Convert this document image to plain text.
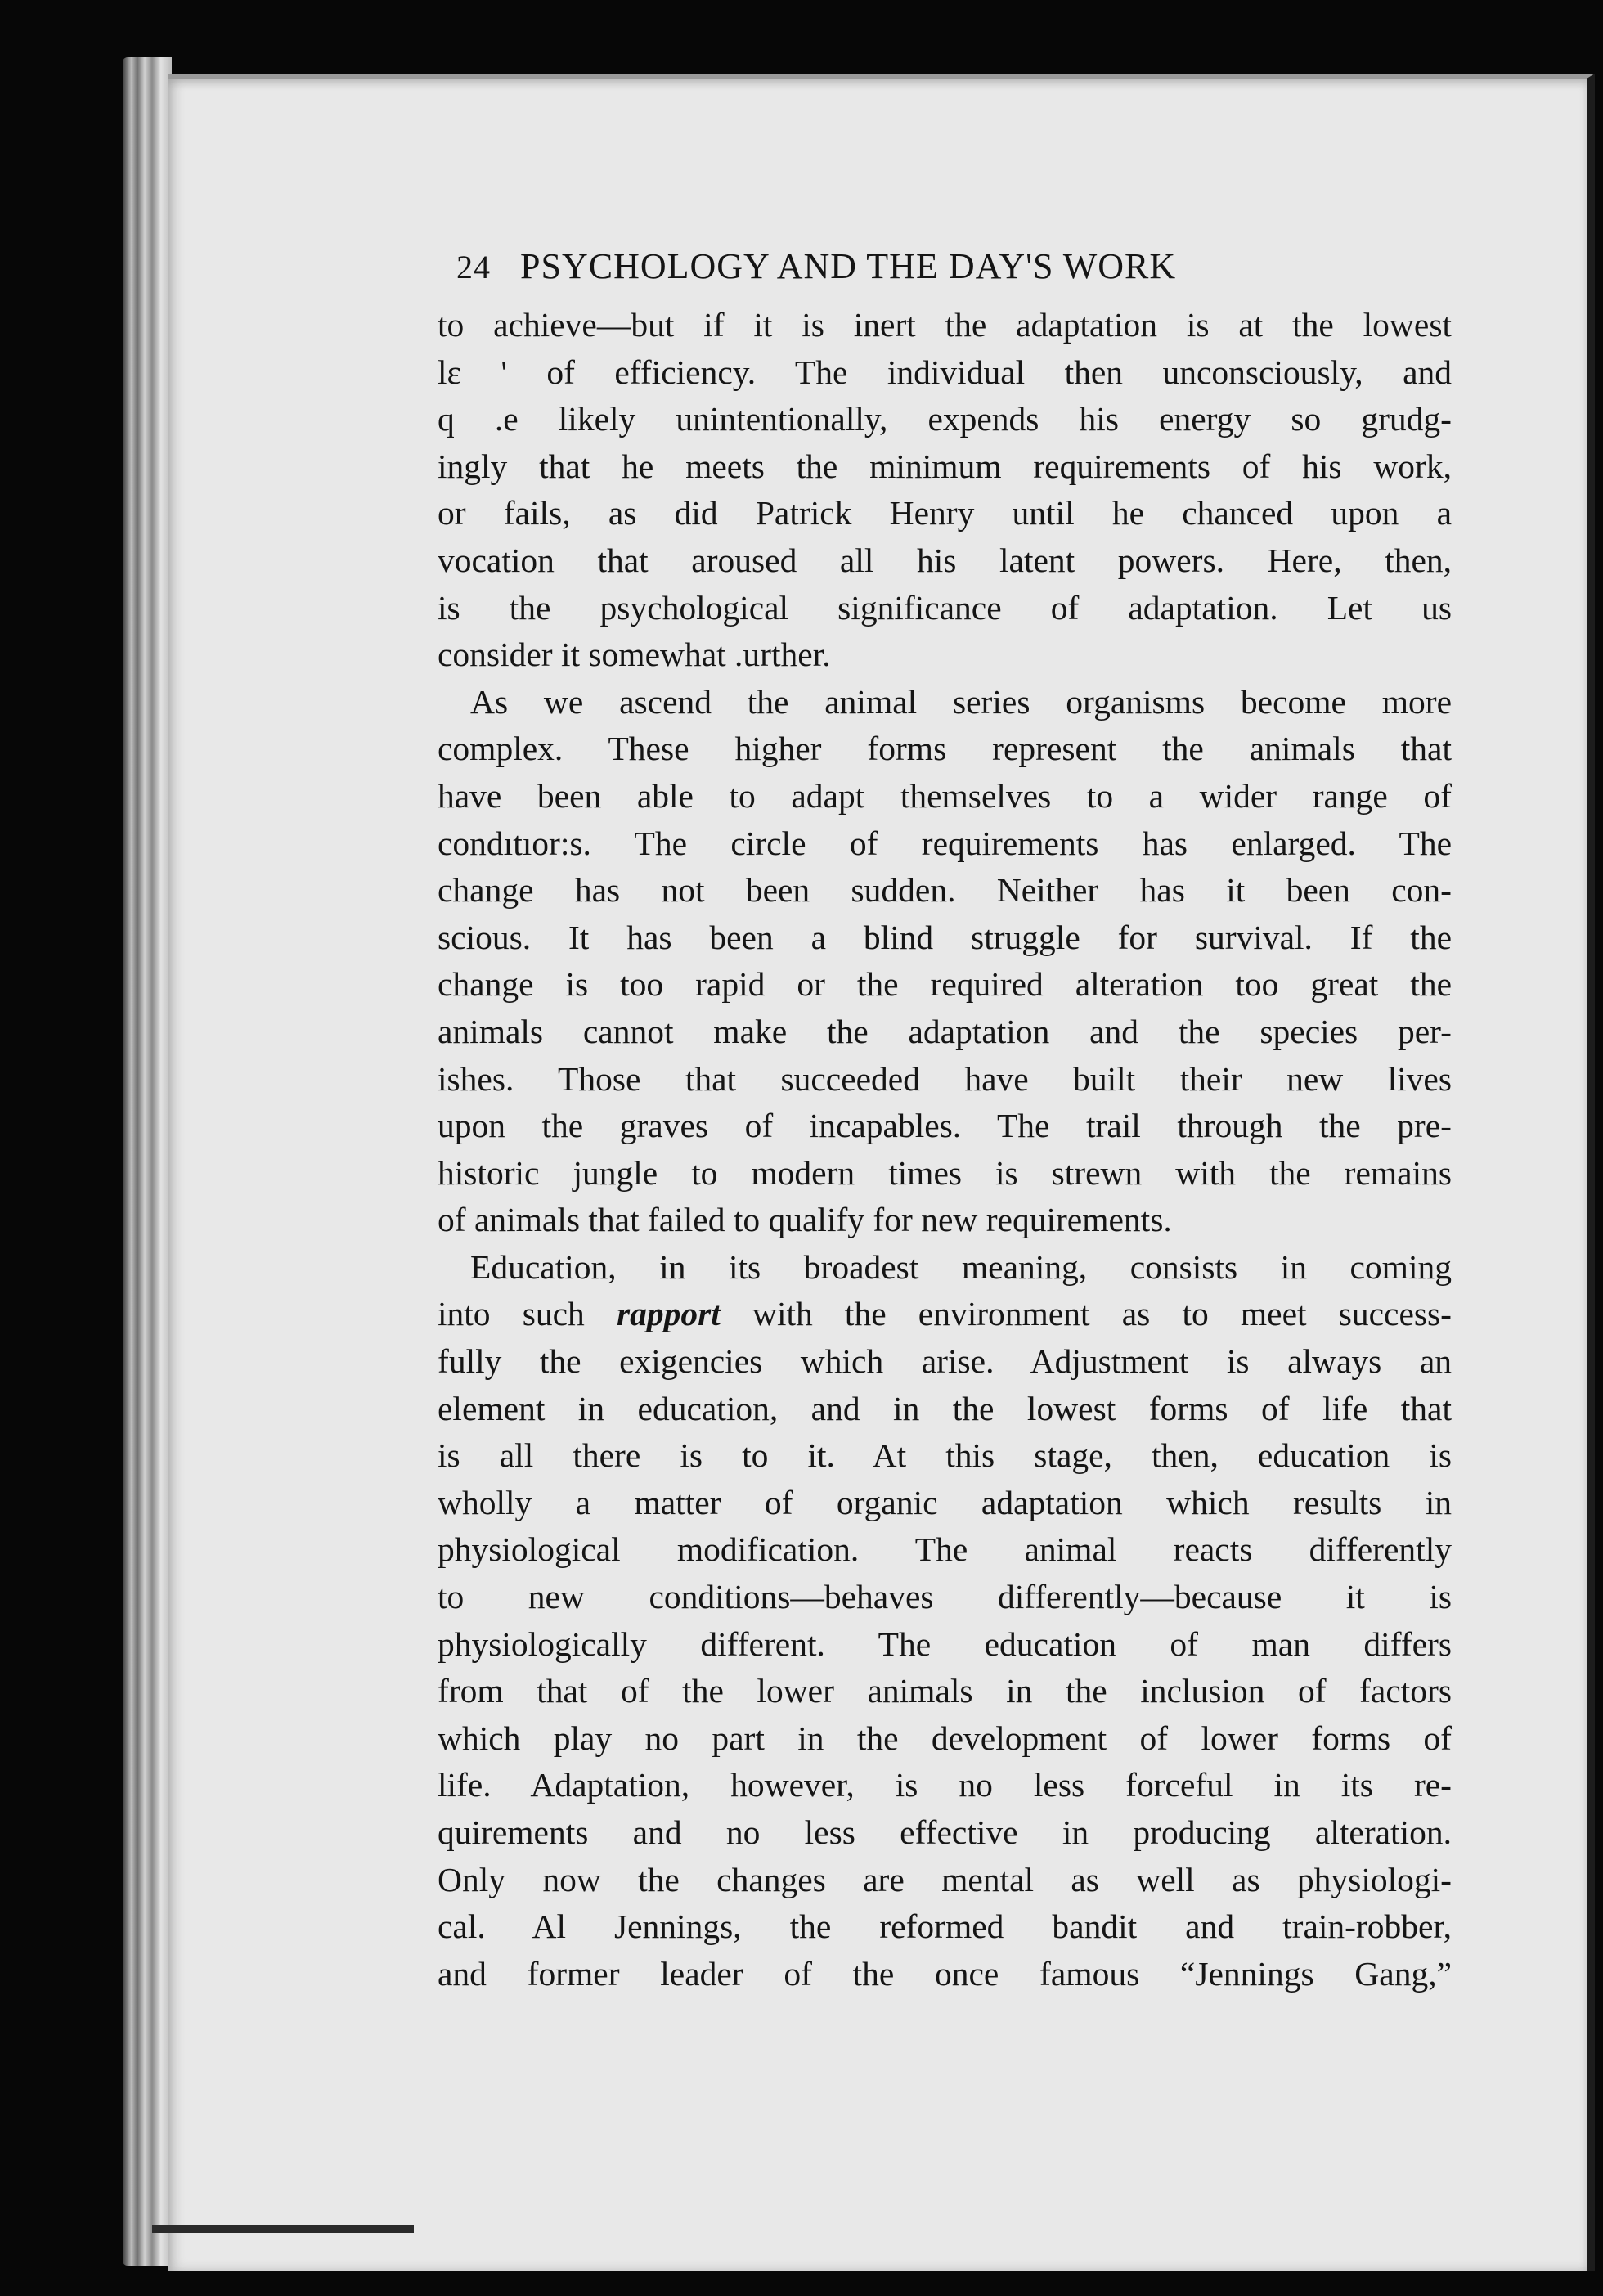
24 PSYCHOLOGY AND THE DAY'S WORK
to achieve—but if it is inert the adaptation is at the lowest
lε ' of efficiency. The individual then unconsciously, and
q .e likely unintentionally, expends his energy so grudg-
ingly that he meets the minimum requirements of his work,
or fails, as did Patrick Henry until he chanced upon a
vocation that aroused all his latent powers. Here, then,
is the psychological significance of adaptation. Let us
consider it somewhat .urther.
As we ascend the animal series organisms become more
complex. These higher forms represent the animals that
have been able to adapt themselves to a wider range of
condıtıor:s. The circle of requirements has enlarged. The
change has not been sudden. Neither has it been con-
scious. It has been a blind struggle for survival. If the
change is too rapid or the required alteration too great the
animals cannot make the adaptation and the species per-
ishes. Those that succeeded have built their new lives
upon the graves of incapables. The trail through the pre-
historic jungle to modern times is strewn with the remains
of animals that failed to qualify for new requirements.
Education, in its broadest meaning, consists in coming
into such rapport with the environment as to meet success-
fully the exigencies which arise. Adjustment is always an
element in education, and in the lowest forms of life that
is all there is to it. At this stage, then, education is
wholly a matter of organic adaptation which results in
physiological modification. The animal reacts differently
to new conditions—behaves differently—because it is
physiologically different. The education of man differs
from that of the lower animals in the inclusion of factors
which play no part in the development of lower forms of
life. Adaptation, however, is no less forceful in its re-
quirements and no less effective in producing alteration.
Only now the changes are mental as well as physiologi-
cal. Al Jennings, the reformed bandit and train-robber,
and former leader of the once famous “Jennings Gang,”
